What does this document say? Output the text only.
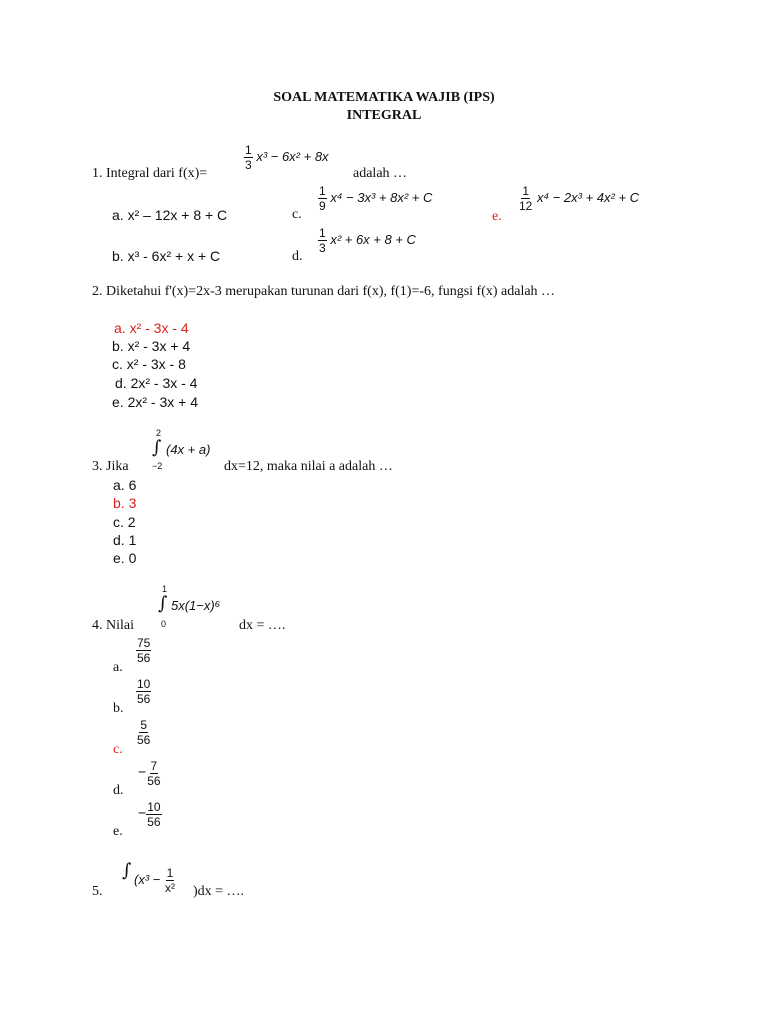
SOAL MATEMATIKA WAJIB (IPS)
INTEGRAL
1. Integral dari f(x)=
$\frac{1}{3} x^3 - 6x^2 + 8x$
adalah …
a. x² – 12x + 8 + C
b. x³ - 6x² + x + C
c.
$\frac{1}{9} x^4 - 3x^3 + 8x^2 + C$
d.
$\frac{1}{3} x^2 + 6x + 8 + C$
e.
$\frac{1}{12} x^4 - 2x^3 + 4x^2 + C$
2. Diketahui f'(x)=2x-3 merupakan turunan dari f(x), f(1)=-6, fungsi f(x) adalah …
a. x² - 3x - 4
b. x² - 3x + 4
c. x² - 3x - 8
d. 2x² - 3x - 4
e. 2x² - 3x + 4
2
∫ (4x + a)
−2
3. Jika	dx=12, maka nilai a adalah …
a. 6
b. 3
c. 2
d. 1
e. 0
1
∫ 5x(1−x)⁶
0
4. Nilai	dx = ….
a.
$\frac{75}{56}$
b.
$\frac{10}{56}$
c.
$\frac{5}{56}$
d.
− $\frac{7}{56}$
e.
− $\frac{10}{56}$
∫ ($x^3 - \frac{1}{\text{x²}}$
5.	)dx = ….
